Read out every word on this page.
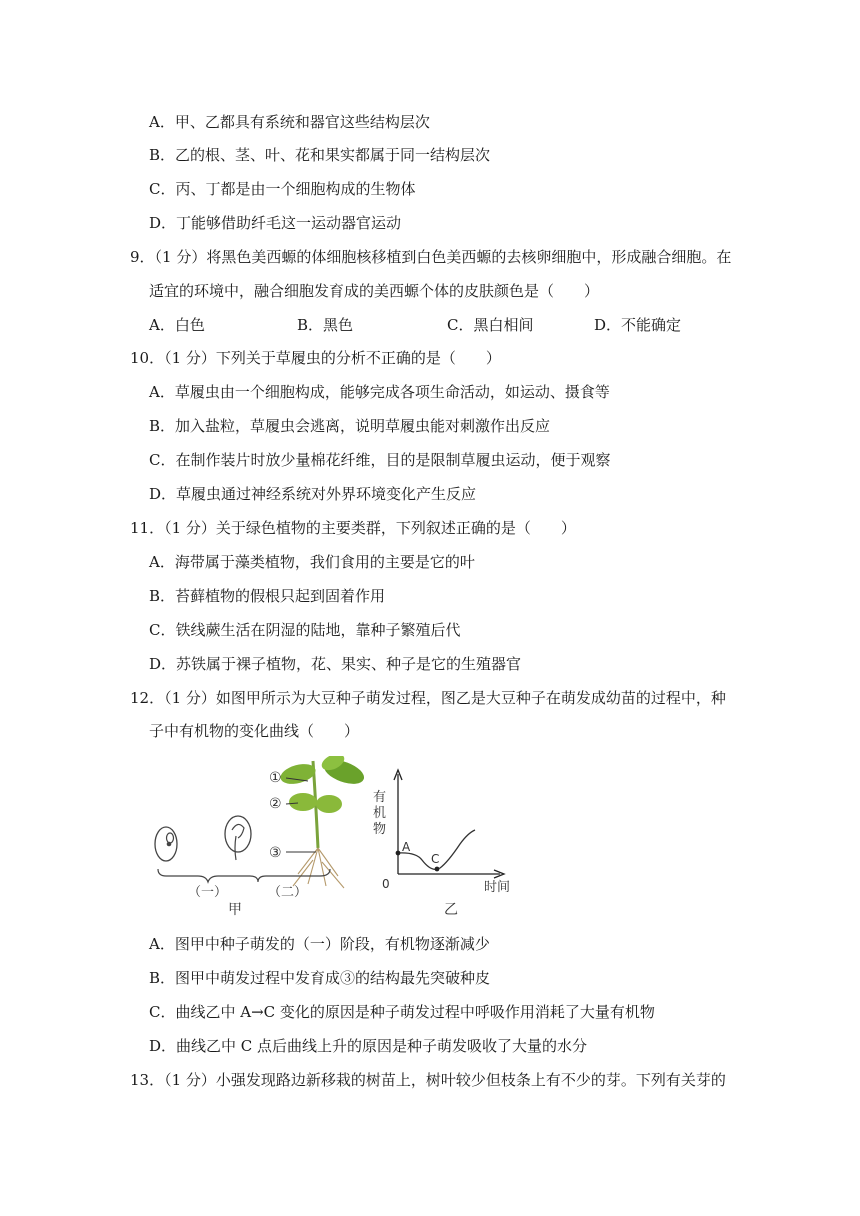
A．甲、乙都具有系统和器官这些结构层次
B．乙的根、茎、叶、花和果实都属于同一结构层次
C．丙、丁都是由一个细胞构成的生物体
D．丁能够借助纤毛这一运动器官运动
9．（1 分）将黑色美西螈的体细胞核移植到白色美西螈的去核卵细胞中，形成融合细胞。在
适宜的环境中，融合细胞发育成的美西螈个体的皮肤颜色是（　　）
A．白色	B．黑色	C．黑白相间	D．不能确定
10．（1 分）下列关于草履虫的分析不正确的是（　　）
A．草履虫由一个细胞构成，能够完成各项生命活动，如运动、摄食等
B．加入盐粒，草履虫会逃离，说明草履虫能对刺激作出反应
C．在制作装片时放少量棉花纤维，目的是限制草履虫运动，便于观察
D．草履虫通过神经系统对外界环境变化产生反应
11．（1 分）关于绿色植物的主要类群，下列叙述正确的是（　　）
A．海带属于藻类植物，我们食用的主要是它的叶
B．苔藓植物的假根只起到固着作用
C．铁线蕨生活在阴湿的陆地，靠种子繁殖后代
D．苏铁属于裸子植物，花、果实、种子是它的生殖器官
12．（1 分）如图甲所示为大豆种子萌发过程，图乙是大豆种子在萌发成幼苗的过程中，种
子中有机物的变化曲线（　　）
①
②
③
（一）	（二）
甲
有 机 物
A
C
0	时间
乙
A．图甲中种子萌发的（一）阶段，有机物逐渐减少
B．图甲中萌发过程中发育成③的结构最先突破种皮
C．曲线乙中 A→C 变化的原因是种子萌发过程中呼吸作用消耗了大量有机物
D．曲线乙中 C 点后曲线上升的原因是种子萌发吸收了大量的水分
13．（1 分）小强发现路边新移栽的树苗上，树叶较少但枝条上有不少的芽。下列有关芽的
